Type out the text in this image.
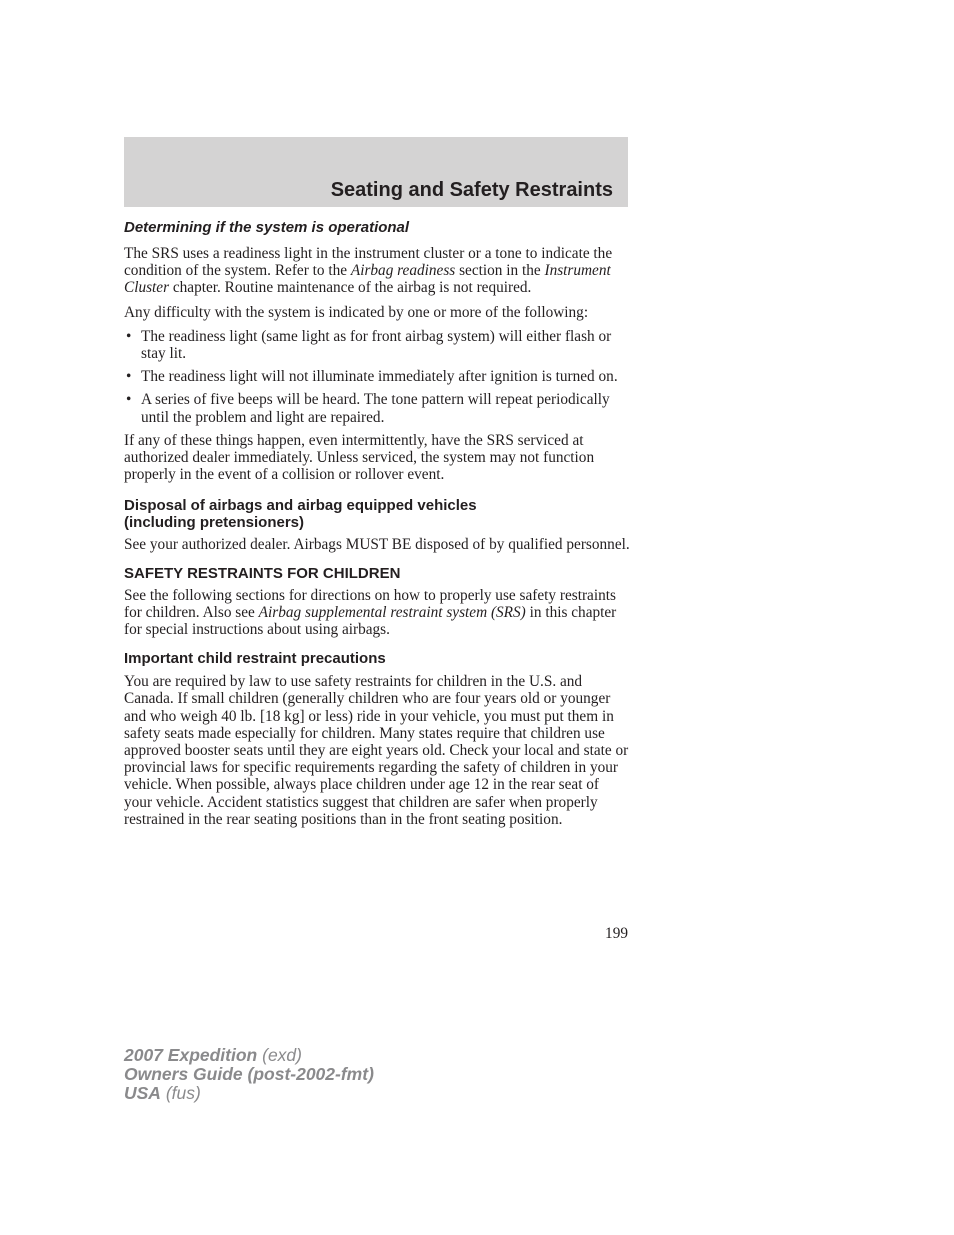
Seating and Safety Restraints
Determining if the system is operational

The SRS uses a readiness light in the instrument cluster or a tone to indicate the condition of the system. Refer to the Airbag readiness section in the Instrument Cluster chapter. Routine maintenance of the airbag is not required.

Any difficulty with the system is indicated by one or more of the following:

• The readiness light (same light as for front airbag system) will either flash or stay lit.
• The readiness light will not illuminate immediately after ignition is turned on.
• A series of five beeps will be heard. The tone pattern will repeat periodically until the problem and light are repaired.

If any of these things happen, even intermittently, have the SRS serviced at authorized dealer immediately. Unless serviced, the system may not function properly in the event of a collision or rollover event.

Disposal of airbags and airbag equipped vehicles
(including pretensioners)

See your authorized dealer. Airbags MUST BE disposed of by qualified personnel.

SAFETY RESTRAINTS FOR CHILDREN

See the following sections for directions on how to properly use safety restraints for children. Also see Airbag supplemental restraint system (SRS) in this chapter for special instructions about using airbags.

Important child restraint precautions

You are required by law to use safety restraints for children in the U.S. and Canada. If small children (generally children who are four years old or younger and who weigh 40 lb. [18 kg] or less) ride in your vehicle, you must put them in safety seats made especially for children. Many states require that children use approved booster seats until they are eight years old. Check your local and state or provincial laws for specific requirements regarding the safety of children in your vehicle. When possible, always place children under age 12 in the rear seat of your vehicle. Accident statistics suggest that children are safer when properly restrained in the rear seating positions than in the front seating position.

199
2007 Expedition (exd)
Owners Guide (post-2002-fmt)
USA (fus)
